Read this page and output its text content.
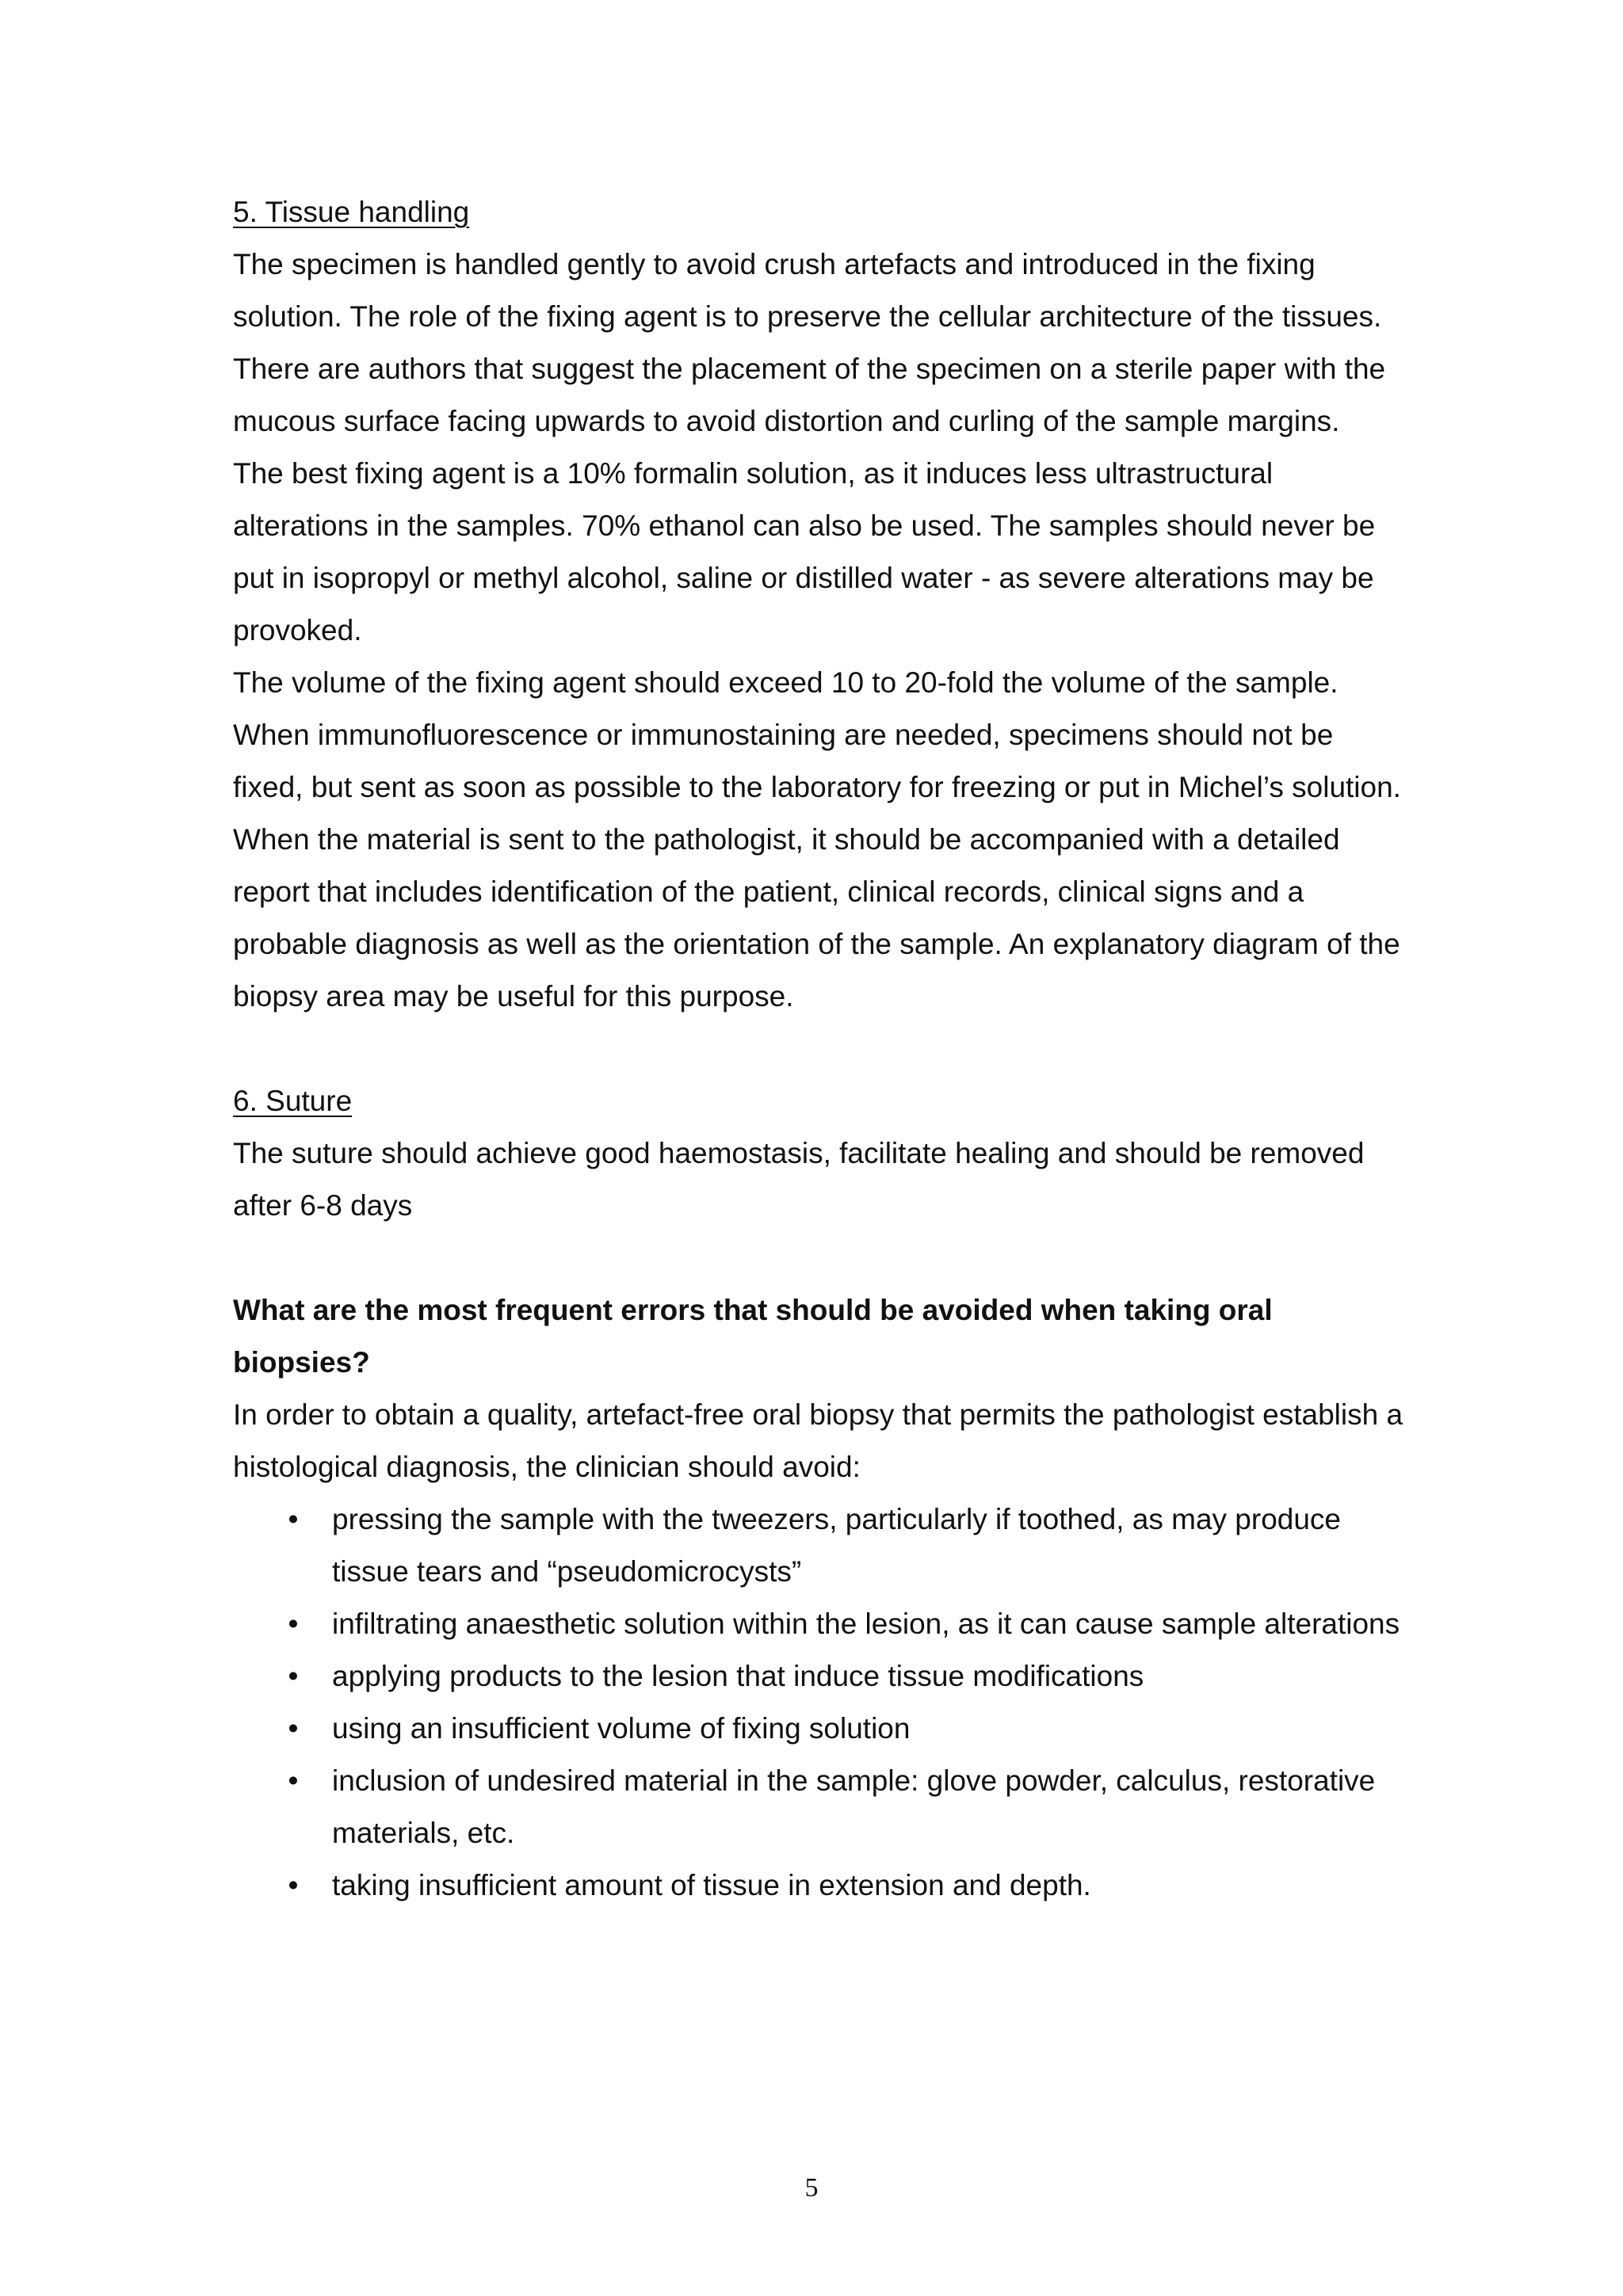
5. Tissue handling

The specimen is handled gently to avoid crush artefacts and introduced in the fixing solution. The role of the fixing agent is to preserve the cellular architecture of the tissues. There are authors that suggest the placement of the specimen on a sterile paper with the mucous surface facing upwards to avoid distortion and curling of the sample margins.

The best fixing agent is a 10% formalin solution, as it induces less ultrastructural alterations in the samples. 70% ethanol can also be used. The samples should never be put in isopropyl or methyl alcohol, saline or distilled water - as severe alterations may be provoked.

The volume of the fixing agent should exceed 10 to 20-fold the volume of the sample. When immunofluorescence or immunostaining are needed, specimens should not be fixed, but sent as soon as possible to the laboratory for freezing or put in Michel’s solution.

When the material is sent to the pathologist, it should be accompanied with a detailed report that includes identification of the patient, clinical records, clinical signs and a probable diagnosis as well as the orientation of the sample. An explanatory diagram of the biopsy area may be useful for this purpose.

6. Suture

The suture should achieve good haemostasis, facilitate healing and should be removed after 6-8 days

What are the most frequent errors that should be avoided when taking oral biopsies?

In order to obtain a quality, artefact-free oral biopsy that permits the pathologist establish a histological diagnosis, the clinician should avoid:

• pressing the sample with the tweezers, particularly if toothed, as may produce tissue tears and “pseudomicrocysts”
• infiltrating anaesthetic solution within the lesion, as it can cause sample alterations
• applying products to the lesion that induce tissue modifications
• using an insufficient volume of fixing solution
• inclusion of undesired material in the sample: glove powder, calculus, restorative materials, etc.
• taking insufficient amount of tissue in extension and depth.
5
